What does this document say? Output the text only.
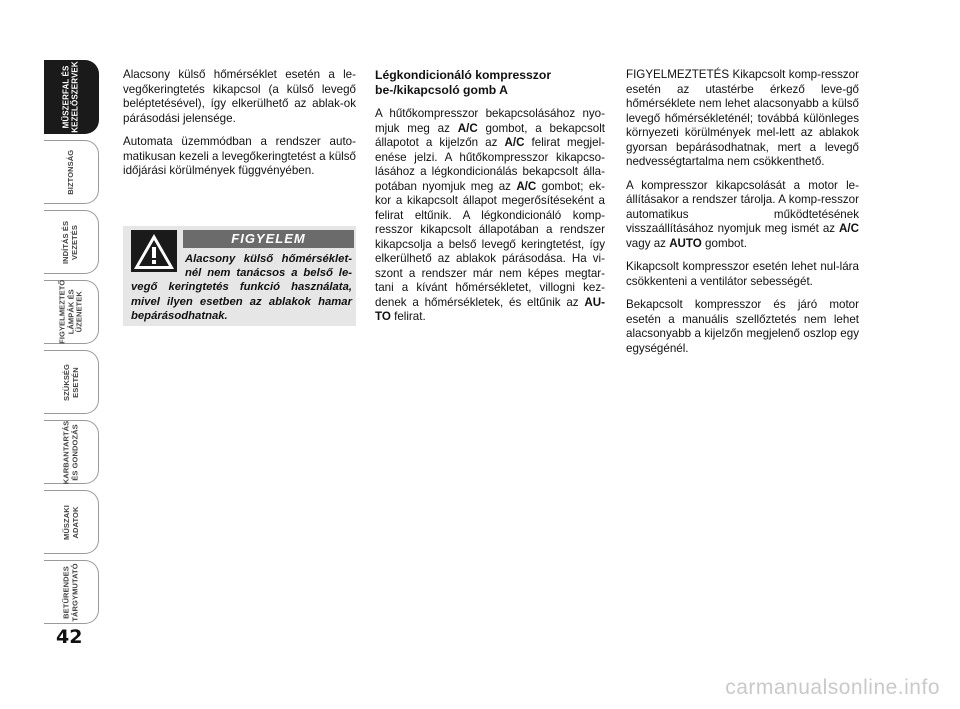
MŰSZERFAL ÉS
KEZELŐSZERVEK
BIZTONSÁG
INDÍTÁS ÉS
VEZETÉS
FIGYELMEZTETŐ
LÁMPÁK ÉS
ÜZENETEK
SZÜKSÉG
ESETÉN
KARBANTARTÁS
ÉS GONDOZÁS
MŰSZAKI
ADATOK
BETŰRENDES
TÁRGYMUTATÓ
42

Alacsony külső hőmérséklet esetén a le-vegőkeringtetés kikapcsol (a külső levegő beléptetésével), így elkerülhető az ablak-ok párásodási jelensége.

Automata üzemmódban a rendszer auto-matikusan kezeli a levegőkeringtetést a külső időjárási körülmények függvényében.

FIGYELEM
Alacsony külső hőmérséklet-nél nem tanácsos a belső le-vegő keringtetés funkció használata, mivel ilyen esetben az ablakok hamar bepárásodhatnak.

Légkondicionáló kompresszor be-/kikapcsoló gomb A

A hűtőkompresszor bekapcsolásához nyo-mjuk meg az A/C gombot, a bekapcsolt állapotot a kijelzőn az A/C felirat megjel-enése jelzi. A hűtőkompresszor kikapcso-lásához a légkondicionálás bekapcsolt álla-potában nyomjuk meg az A/C gombot; ek-kor a kikapcsolt állapot megerősítéseként a felirat eltűnik. A légkondicionáló komp-resszor kikapcsolt állapotában a rendszer kikapcsolja a belső levegő keringtetést, így elkerülhető az ablakok párásodása. Ha vi-szont a rendszer már nem képes megtar-tani a kívánt hőmérsékletet, villogni kez-denek a hőmérsékletek, és eltűnik az AU-TO felirat.

FIGYELMEZTETÉS Kikapcsolt komp-resszor esetén az utastérbe érkező leve-gő hőmérséklete nem lehet alacsonyabb a külső levegő hőmérsékleténél; továbbá különleges környezeti körülmények mel-lett az ablakok gyorsan bepárásodhatnak, mert a levegő nedvességtartalma nem csökkenthető.

A kompresszor kikapcsolását a motor le-állításakor a rendszer tárolja. A komp-resszor automatikus működtetésének visszaállításához nyomjuk meg ismét az A/C vagy az AUTO gombot.

Kikapcsolt kompresszor esetén lehet nul-lára csökkenteni a ventilátor sebességét.

Bekapcsolt kompresszor és járó motor esetén a manuális szellőztetés nem lehet alacsonyabb a kijelzőn megjelenő oszlop egy egységénél.

carmanualsonline.info
